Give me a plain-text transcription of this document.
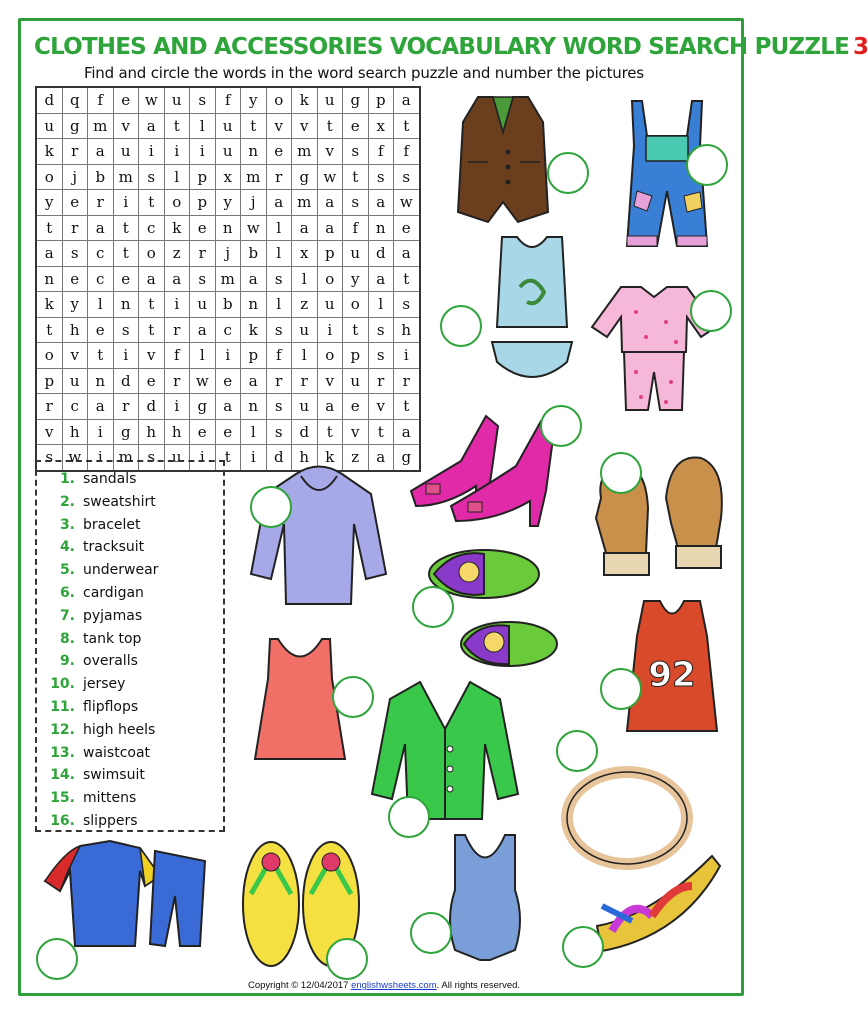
CLOTHES AND ACCESSORIES VOCABULARY WORD SEARCH PUZZLE 3
Find and circle the words in the word search puzzle and number the pictures
d	q	f	e	w	u	s	f	y	o	k	u	g	p	a
u	g	m	v	a	t	l	u	t	v	v	t	e	x	t
k	r	a	u	i	i	i	u	n	e	m	v	s	f	f
o	j	b	m	s	l	p	x	m	r	g	w	t	s	s
y	e	r	i	t	o	p	y	j	a	m	a	s	a	w
t	r	a	t	c	k	e	n	w	l	a	a	f	n	e
a	s	c	t	o	z	r	j	b	l	x	p	u	d	a
n	e	c	e	a	a	s	m	a	s	l	o	y	a	t
k	y	l	n	t	i	u	b	n	l	z	u	o	l	s
t	h	e	s	t	r	a	c	k	s	u	i	t	s	h
o	v	t	i	v	f	l	i	p	f	l	o	p	s	i
p	u	n	d	e	r	w	e	a	r	r	v	u	r	r
r	c	a	r	d	i	g	a	n	s	u	a	e	v	t
v	h	i	g	h	h	e	e	l	s	d	t	v	t	a
s	w	i	m	s	u	i	t	i	d	h	k	z	a	g
1. sandals
2. sweatshirt
3. bracelet
4. tracksuit
5. underwear
6. cardigan
7. pyjamas
8. tank top
9. overalls
10. jersey
11. flipflops
12. high heels
13. waistcoat
14. swimsuit
15. mittens
16. slippers
92
Copyright © 12/04/2017 englishwsheets.com. All rights reserved.
